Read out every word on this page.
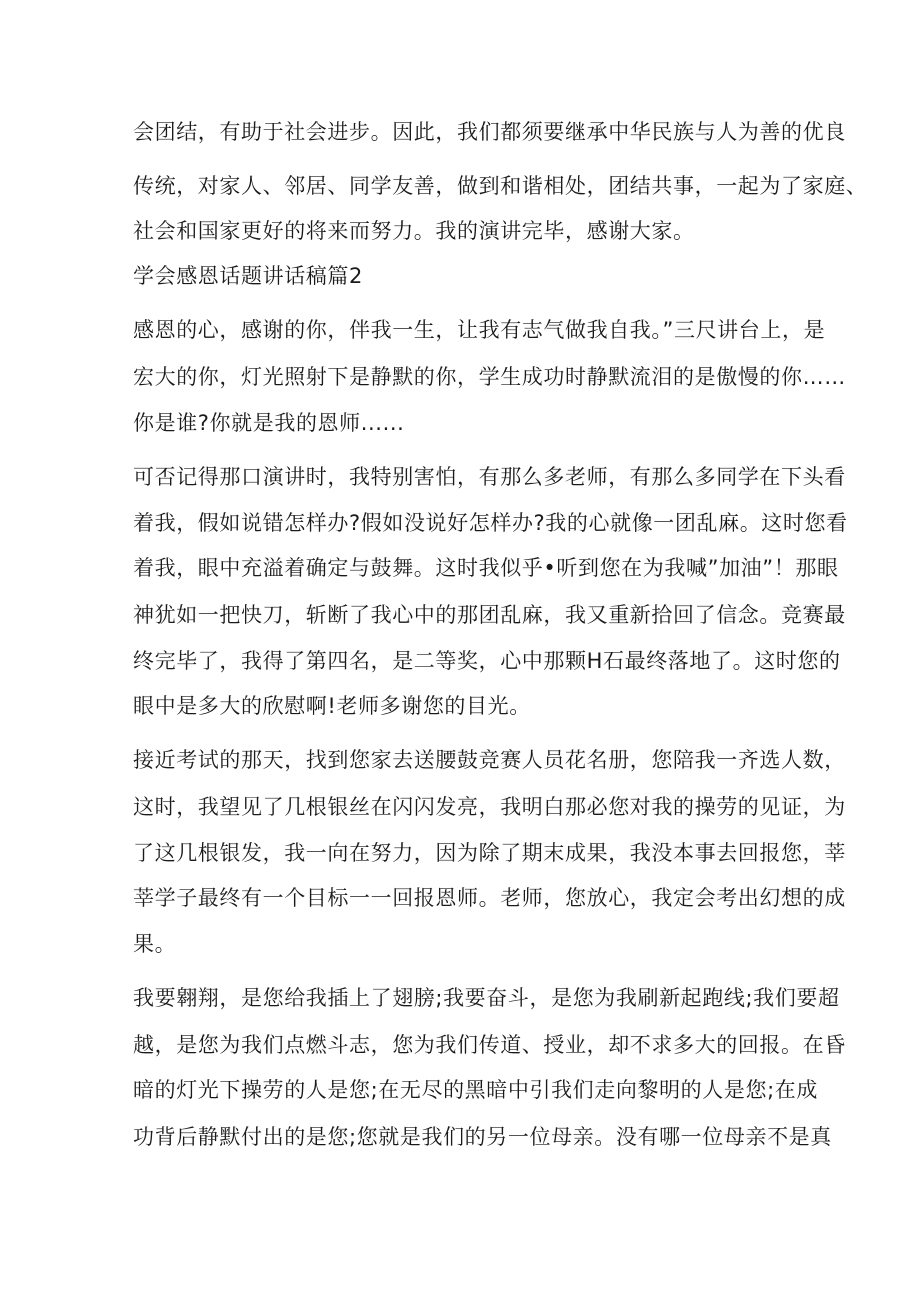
会团结，有助于社会进步。因此，我们都须要继承中华民族与人为善的优良
传统，对家人、邻居、同学友善，做到和谐相处，团结共事，一起为了家庭、
社会和国家更好的将来而努力。我的演讲完毕，感谢大家。
学会感恩话题讲话稿篇2
感恩的心，感谢的你，伴我一生，让我有志气做我自我。”三尺讲台上，是
宏大的你，灯光照射下是静默的你，学生成功时静默流泪的是傲慢的你……
你是谁?你就是我的恩师......
可否记得那口演讲时，我特别害怕，有那么多老师，有那么多同学在下头看
着我，假如说错怎样办?假如没说好怎样办?我的心就像一团乱麻。这时您看
着我，眼中充溢着确定与鼓舞。这时我似乎•听到您在为我喊”加油”！那眼
神犹如一把快刀，斩断了我心中的那团乱麻，我又重新拾回了信念。竞赛最
终完毕了，我得了第四名，是二等奖，心中那颗H石最终落地了。这时您的
眼中是多大的欣慰啊!老师多谢您的目光。
接近考试的那天，找到您家去送腰鼓竞赛人员花名册，您陪我一齐选人数，
这时，我望见了几根银丝在闪闪发亮，我明白那必您对我的操劳的见证，为
了这几根银发，我一向在努力，因为除了期末成果，我没本事去回报您，莘
莘学子最终有一个目标一一回报恩师。老师，您放心，我定会考出幻想的成
果。
我要翱翔，是您给我插上了翅膀;我要奋斗，是您为我刷新起跑线;我们要超
越，是您为我们点燃斗志，您为我们传道、授业，却不求多大的回报。在昏
暗的灯光下操劳的人是您;在无尽的黑暗中引我们走向黎明的人是您;在成
功背后静默付出的是您;您就是我们的另一位母亲。没有哪一位母亲不是真
